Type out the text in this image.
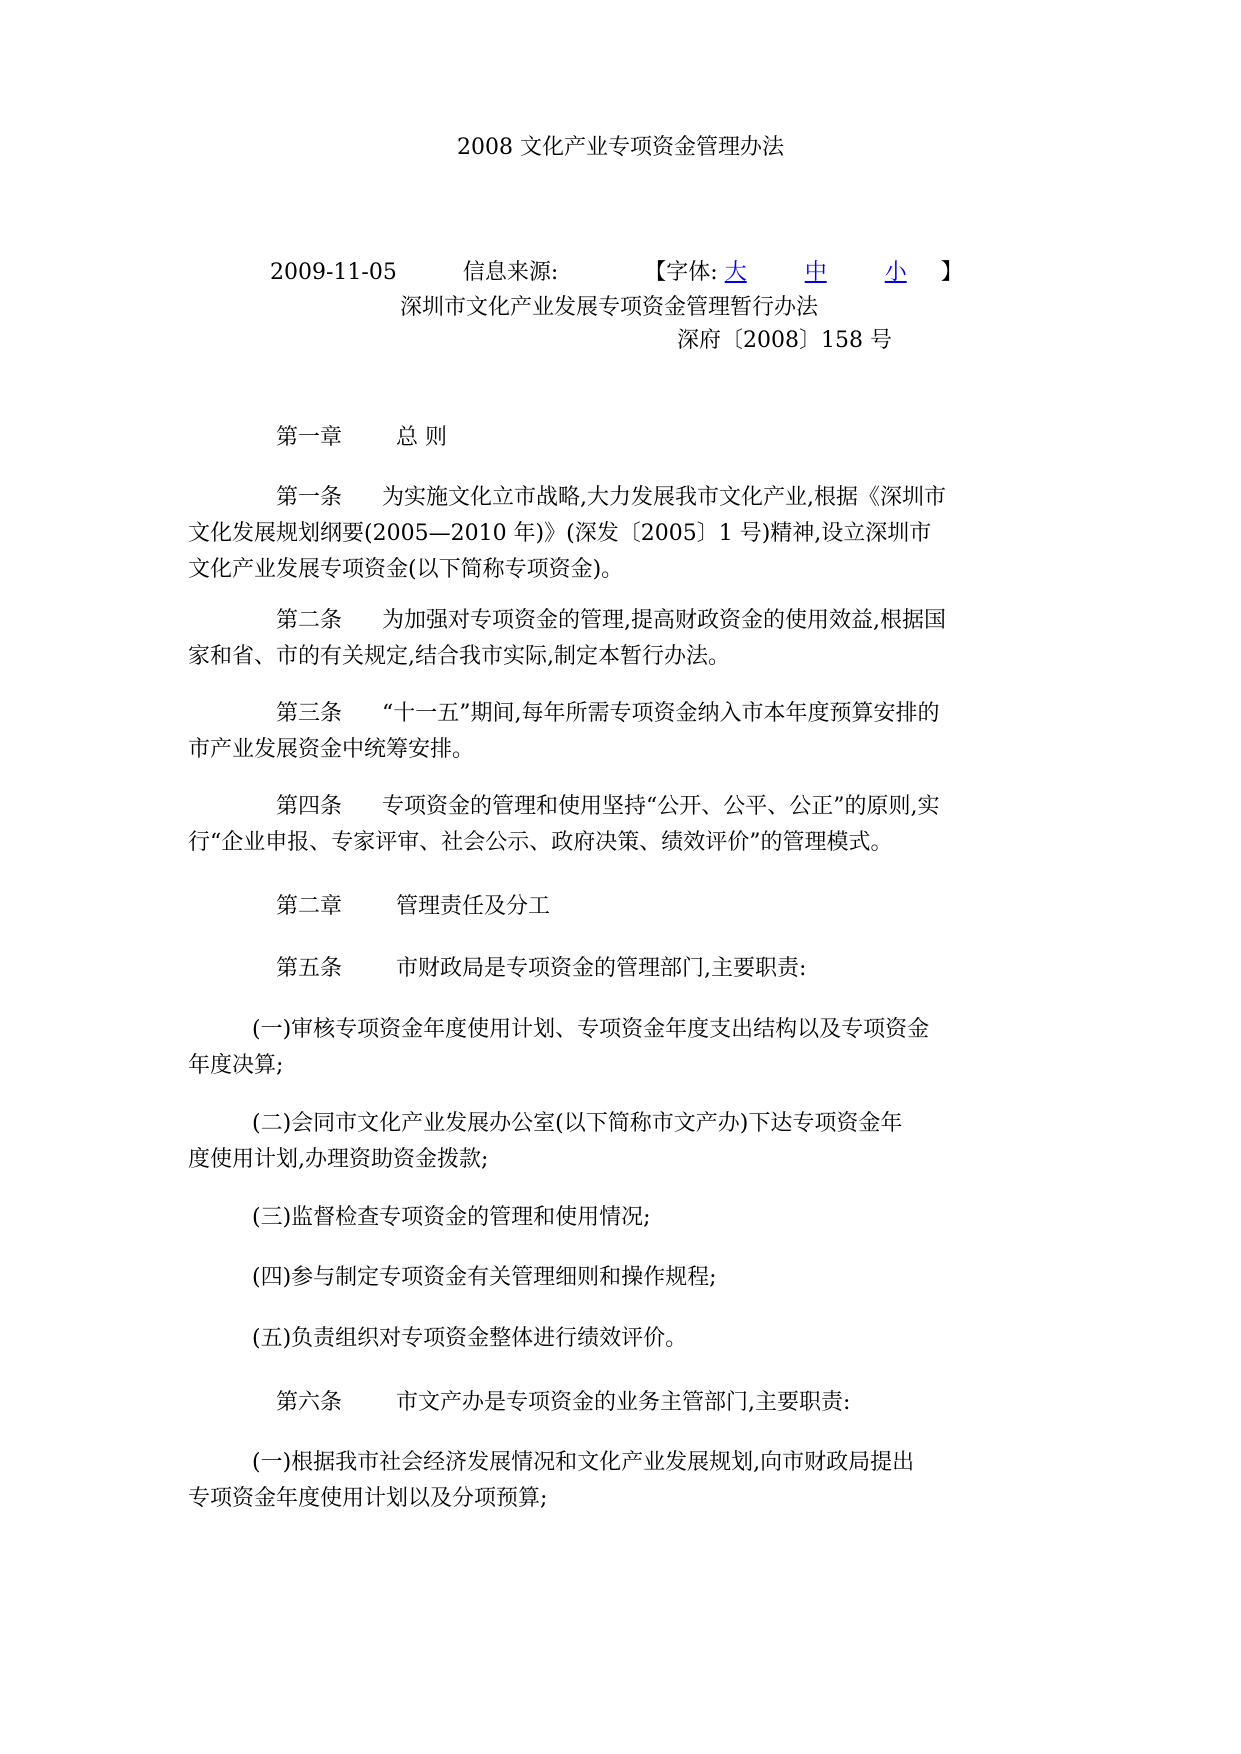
2008 文化产业专项资金管理办法
2009-11-05	信息来源:	【字体: 大	中	小 】
深圳市文化产业发展专项资金管理暂行办法
深府〔2008〕158 号
第一章 总 则
第一条 为实施文化立市战略,大力发展我市文化产业,根据《深圳市
文化发展规划纲要(2005—2010 年)》(深发〔2005〕1 号)精神,设立深圳市
文化产业发展专项资金(以下简称专项资金)。
第二条 为加强对专项资金的管理,提高财政资金的使用效益,根据国
家和省、市的有关规定,结合我市实际,制定本暂行办法。
第三条 “十一五”期间,每年所需专项资金纳入市本年度预算安排的
市产业发展资金中统筹安排。
第四条 专项资金的管理和使用坚持“公开、公平、公正”的原则,实
行“企业申报、专家评审、社会公示、政府决策、绩效评价”的管理模式。
第二章 管理责任及分工
第五条 市财政局是专项资金的管理部门,主要职责:
(一)审核专项资金年度使用计划、专项资金年度支出结构以及专项资金
年度决算;
(二)会同市文化产业发展办公室(以下简称市文产办)下达专项资金年
度使用计划,办理资助资金拨款;
(三)监督检查专项资金的管理和使用情况;
(四)参与制定专项资金有关管理细则和操作规程;
(五)负责组织对专项资金整体进行绩效评价。
第六条 市文产办是专项资金的业务主管部门,主要职责:
(一)根据我市社会经济发展情况和文化产业发展规划,向市财政局提出
专项资金年度使用计划以及分项预算;
